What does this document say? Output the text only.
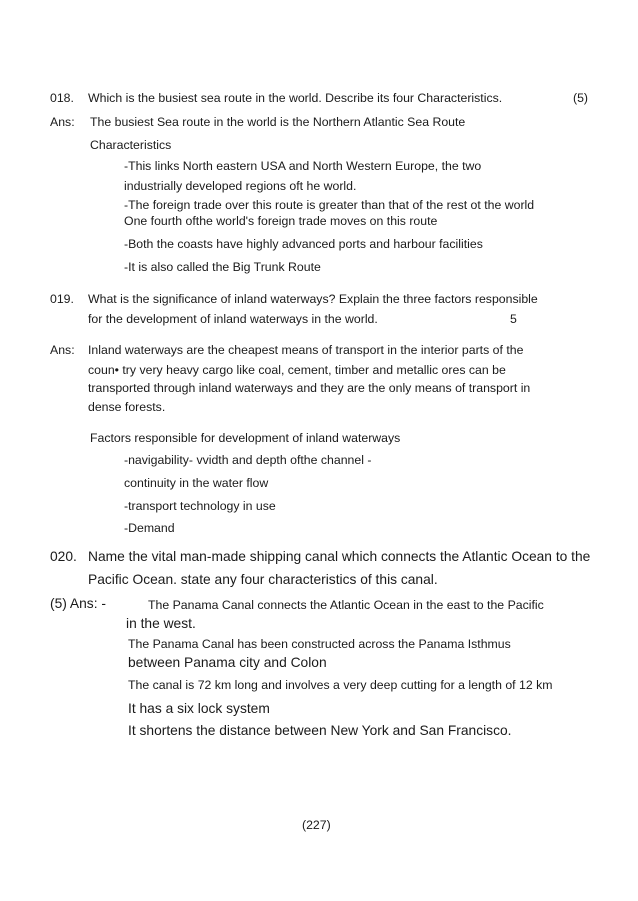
018. Which is the busiest sea route in the world. Describe its four Characteristics.	(5)
Ans: The busiest Sea route in the world is the Northern Atlantic Sea Route
Characteristics
-This links North eastern USA and North Western Europe, the two
industrially developed regions oft he world.
-The foreign trade over this route is greater than that of the rest ot the world
One fourth ofthe world's foreign trade moves on this route
-Both the coasts have highly advanced ports and harbour facilities
-It is also called the Big Trunk Route
019. What is the significance of inland waterways? Explain the three factors responsible
for the development of inland waterways in the world.	5
Ans: Inland waterways are the cheapest means of transport in the interior parts of the
coun• try very heavy cargo like coal, cement, timber and metallic ores can be
transported through inland waterways and they are the only means of transport in
dense forests.
Factors responsible for development of inland waterways
-navigability- vvidth and depth ofthe channel -
continuity in the water flow
-transport technology in use
-Demand
020. Name the vital man-made shipping canal which connects the Atlantic Ocean to the
Pacific Ocean. state any four characteristics of this canal.
(5) Ans: -	The Panama Canal connects the Atlantic Ocean in the east to the Pacific
in the west.
The Panama Canal has been constructed across the Panama Isthmus
between Panama city and Colon
The canal is 72 km long and involves a very deep cutting for a length of 12 km
It has a six lock system
It shortens the distance between New York and San Francisco.
(227)
